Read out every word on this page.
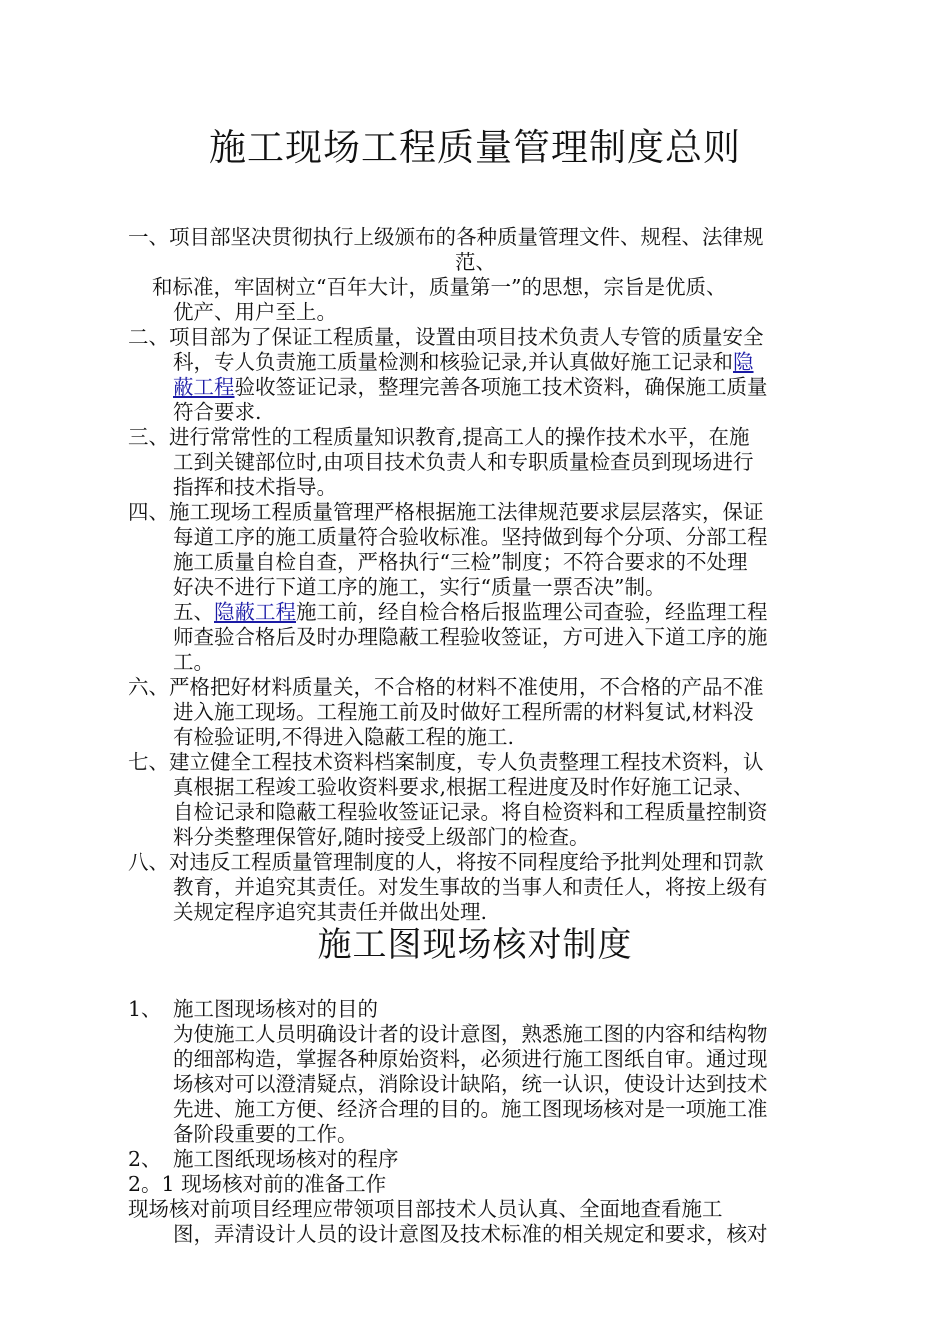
施工现场工程质量管理制度总则
一、项目部坚决贯彻执行上级颁布的各种质量管理文件、规程、法律规
范、
和标准，牢固树立“百年大计，质量第一”的思想，宗旨是优质、
优产、用户至上。
二、项目部为了保证工程质量，设置由项目技术负责人专管的质量安全
科，专人负责施工质量检测和核验记录,并认真做好施工记录和隐
蔽工程验收签证记录，整理完善各项施工技术资料，确保施工质量
符合要求.
三、进行常常性的工程质量知识教育,提高工人的操作技术水平，在施
工到关键部位时,由项目技术负责人和专职质量检查员到现场进行
指挥和技术指导。
四、施工现场工程质量管理严格根据施工法律规范要求层层落实，保证
每道工序的施工质量符合验收标准。坚持做到每个分项、分部工程
施工质量自检自查，严格执行“三检”制度；不符合要求的不处理
好决不进行下道工序的施工，实行“质量一票否决”制。
五、隐蔽工程施工前，经自检合格后报监理公司查验，经监理工程
师查验合格后及时办理隐蔽工程验收签证，方可进入下道工序的施
工。
六、严格把好材料质量关，不合格的材料不准使用，不合格的产品不准
进入施工现场。工程施工前及时做好工程所需的材料复试,材料没
有检验证明,不得进入隐蔽工程的施工.
七、建立健全工程技术资料档案制度，专人负责整理工程技术资料，认
真根据工程竣工验收资料要求,根据工程进度及时作好施工记录、
自检记录和隐蔽工程验收签证记录。将自检资料和工程质量控制资
料分类整理保管好,随时接受上级部门的检查。
八、对违反工程质量管理制度的人，将按不同程度给予批判处理和罚款
教育，并追究其责任。对发生事故的当事人和责任人，将按上级有
关规定程序追究其责任并做出处理.
施工图现场核对制度
1、 施工图现场核对的目的
为使施工人员明确设计者的设计意图，熟悉施工图的内容和结构物
的细部构造，掌握各种原始资料，必须进行施工图纸自审。通过现
场核对可以澄清疑点，消除设计缺陷，统一认识，使设计达到技术
先进、施工方便、经济合理的目的。施工图现场核对是一项施工准
备阶段重要的工作。
2、 施工图纸现场核对的程序
2。1 现场核对前的准备工作
现场核对前项目经理应带领项目部技术人员认真、全面地查看施工
图，弄清设计人员的设计意图及技术标准的相关规定和要求，核对
